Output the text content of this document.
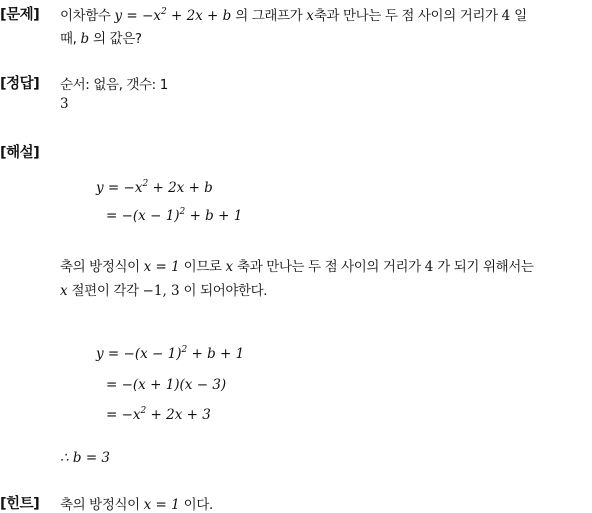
[문제] 이차함수 $y = -x^2 + 2x + b$ 의 그래프가 x축과 만나는 두 점 사이의 거리가 4 일
때, b 의 값은?
[정답] 순서: 없음, 갯수: 1
3
[해설]
$y = -x^2 + 2x + b$
= $-(x - 1)^2 + b + 1$
축의 방정식이 x = 1 이므로 x 축과 만나는 두 점 사이의 거리가 4 가 되기 위해서는
x 절편이 각각 −1, 3 이 되어야한다.
$y = -(x - 1)^2 + b + 1$
= −(x + 1)(x − 3)
= $-x^2 + 2x + 3$
∴ b = 3
[힌트] 축의 방정식이 x = 1 이다.
